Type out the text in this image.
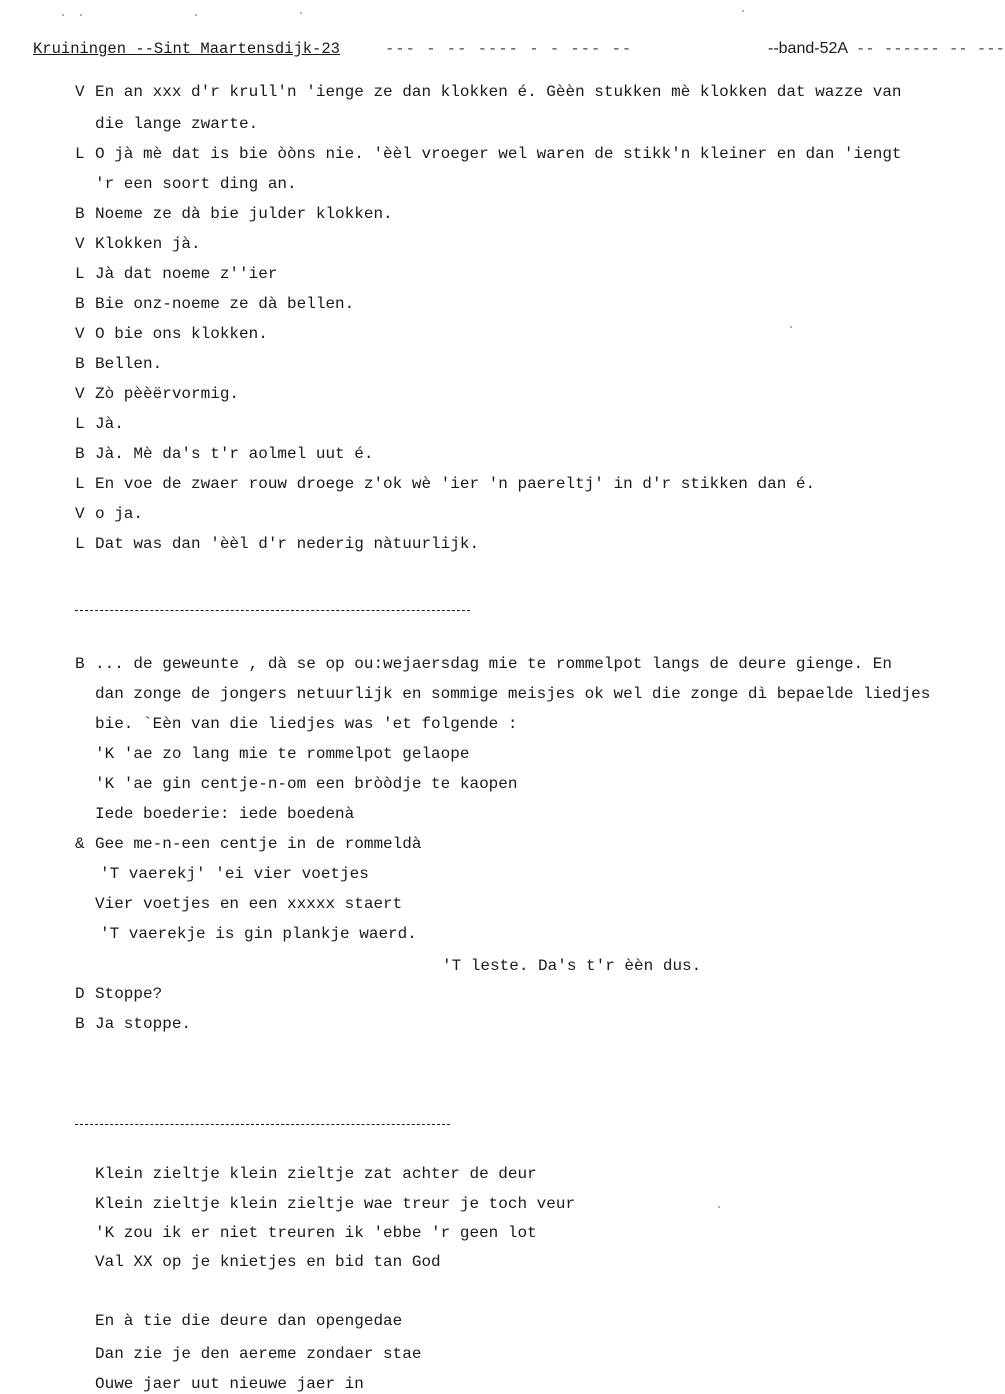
Kruiningen --Sint Maartensdijk-23	--- - -- ---- - - --- --	--band-52A -- ------ -- ---
V En an xxx d'r krull'n 'ienge ze dan klokken é. Gèèn stukken mè klokken dat wazze van
die lange zwarte.
L O jà mè dat is bie òòns nie. 'èèl vroeger wel waren de stikk'n kleiner en dan 'iengt
'r een soort ding an.
B Noeme ze dà bie julder klokken.
V Klokken jà.
L Jà dat noeme z''ier
B Bie onz-noeme ze dà bellen.
V O bie ons klokken.
B Bellen.
V Zò pèèërvormig.
L Jà.
B Jà. Mè da's t'r aolmel uut é.
L En voe de zwaer rouw droege z'ok wè 'ier 'n paereltj' in d'r stikken dan é.
V o ja.
L Dat was dan 'èèl d'r nederig nàtuurlijk.
B ... de geweunte , dà se op ou:wejaersdag mie te rommelpot langs de deure gienge. En
dan zonge de jongers netuurlijk en sommige meisjes ok wel die zonge dì bepaelde liedjes
bie. `Eèn van die liedjes was 'et folgende :
'K 'ae zo lang mie te rommelpot gelaope
'K 'ae gin centje-n-om een bròòdje te kaopen
Iede boederie: iede boedenà
& Gee me-n-een centje in de rommeldà
'T vaerekj' 'ei vier voetjes
Vier voetjes en een xxxxx staert
'T vaerekje is gin plankje waerd.
'T leste. Da's t'r èèn dus.
D Stoppe?
B Ja stoppe.
Klein zieltje klein zieltje zat achter de deur
Klein zieltje klein zieltje wae treur je toch veur
'K zou ik er niet treuren ik 'ebbe 'r geen lot
Val XX op je knietjes en bid tan God
En à tie die deure dan opengedae
Dan zie je den aereme zondaer stae
Ouwe jaer uut nieuwe jaer in
